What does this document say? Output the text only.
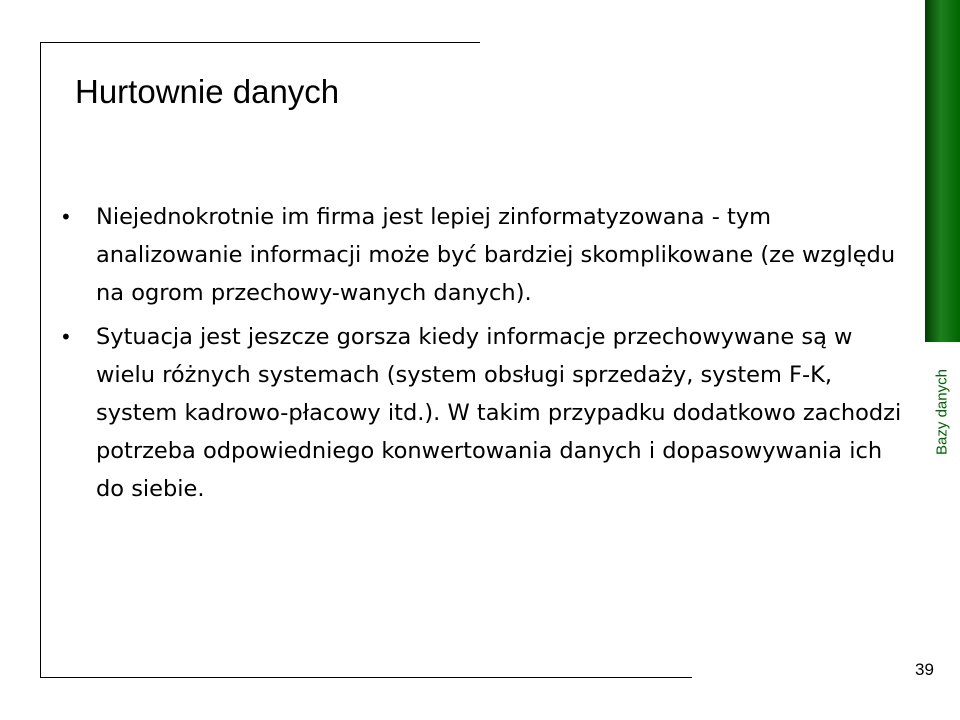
Hurtownie danych
• Niejednokrotnie im firma jest lepiej zinformatyzowana - tym analizowanie informacji może być bardziej skomplikowane (ze względu na ogrom przechowy-wanych danych).
• Sytuacja jest jeszcze gorsza kiedy informacje przechowywane są w wielu różnych systemach (system obsługi sprzedaży, system F-K, system kadrowo-płacowy itd.). W takim przypadku dodatkowo zachodzi potrzeba odpowiedniego konwertowania danych i dopasowywania ich do siebie.
Bazy danych
39
